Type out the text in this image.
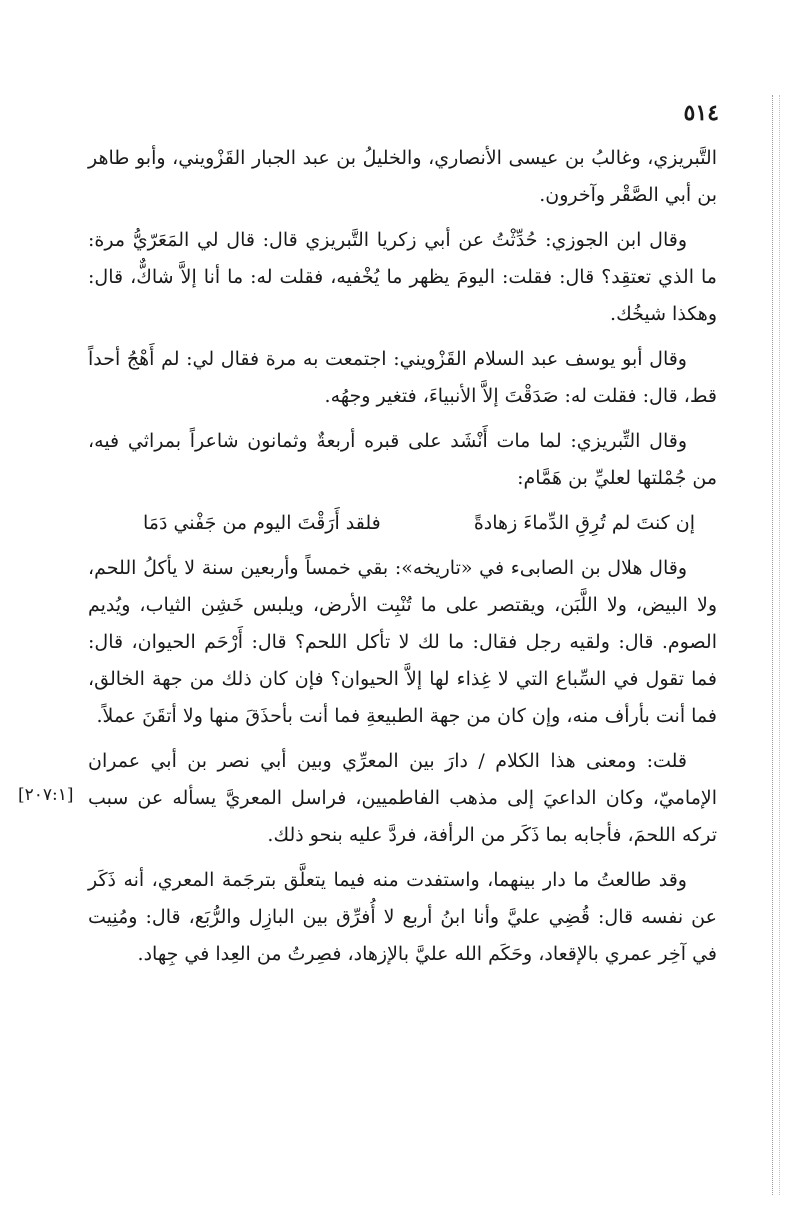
٥١٤
[٢٠٧:١]

التَّبريزي، وغالبُ بن عيسى الأنصاري، والخليلُ بن عبد الجبار القَزْويني، وأبو طاهر بن أبي الصَّقْر وآخرون.

وقال ابن الجوزي: حُدِّثْتُ عن أبي زكريا التَّبريزي قال: قال لي المَعَرّيُّ مرة: ما الذي تعتقِد؟ قال: فقلت: اليومَ يظهر ما يُخْفيه، فقلت له: ما أنا إلاَّ شاكٌّ، قال: وهكذا شيخُك.

وقال أبو يوسف عبد السلام القَزْويني: اجتمعت به مرة فقال لي: لم أَهْجُ أحداً قط، قال: فقلت له: صَدَقْتَ إلاَّ الأنبياءَ، فتغير وجهُه.

وقال التِّبريزي: لما مات أَنْشَد على قبره أربعةٌ وثمانون شاعراً بمراثي فيه، من جُمْلتها لعليِّ بن هَمَّام:

إن كنتَ لم تُرِقِ الدِّماءَ زهادةً
فلقد أَرَقْتَ اليوم من جَفْني دَمَا

وقال هلال بن الصابىء في «تاريخه»: بقي خمساً وأربعين سنة لا يأكلُ اللحم، ولا البيض، ولا اللَّبَن، ويقتصر على ما تُنْبِت الأرض، ويلبس خَشِن الثياب، ويُديم الصوم. قال: ولقيه رجل فقال: ما لك لا تأكل اللحم؟ قال: أَرْحَم الحيوان، قال: فما تقول في السِّباع التي لا غِذاء لها إلاَّ الحيوان؟ فإن كان ذلك من جهة الخالق، فما أنت بأرأف منه، وإن كان من جهة الطبيعةِ فما أنت بأحذَقَ منها ولا أتقَنَ عملاً.

قلت: ومعنى هذا الكلام / دارَ بين المعرِّي وبين أبي نصر بن أبي عمران الإماميّ، وكان الداعيَ إلى مذهب الفاطميين، فراسل المعريَّ يسأله عن سبب تركه اللحمَ، فأجابه بما ذَكَر من الرأفة، فردَّ عليه بنحو ذلك.

وقد طالعتُ ما دار بينهما، واستفدت منه فيما يتعلَّق بترجَمة المعري، أنه ذَكَر عن نفسه قال: قُضِي عليَّ وأنا ابنُ أربع لا أُفرِّق بين البازِل والرُّبَع، قال: ومُنِيت في آخِر عمري بالإقعاد، وحَكَم الله عليَّ بالإزهاد، فصِرتُ من العِدا في جِهاد.
